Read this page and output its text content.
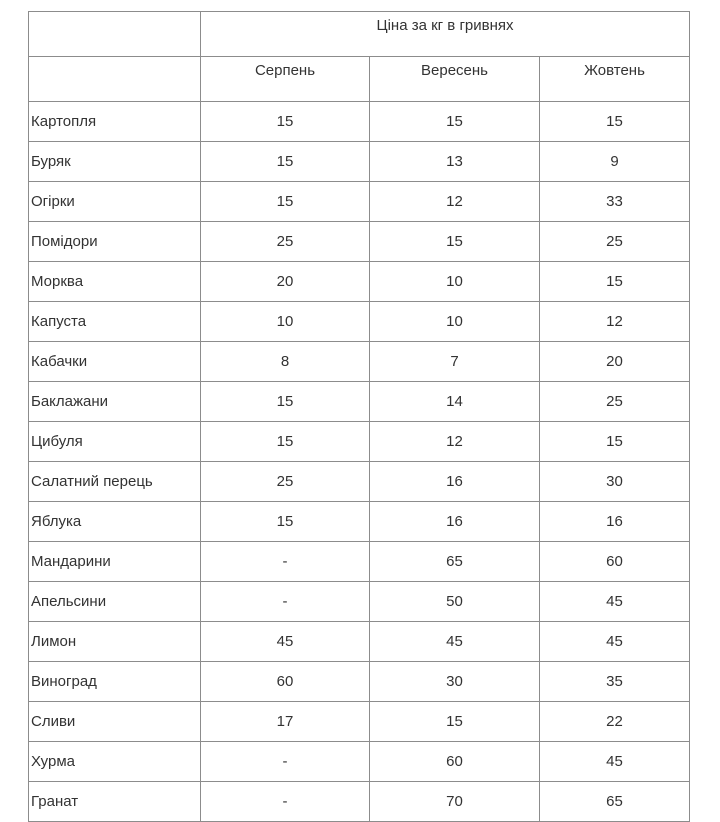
	Ціна за кг в гривнях		
	Серпень	Вересень	Жовтень
Картопля	15	15	15
Буряк	15	13	9
Огірки	15	12	33
Помідори	25	15	25
Морква	20	10	15
Капуста	10	10	12
Кабачки	8	7	20
Баклажани	15	14	25
Цибуля	15	12	15
Салатний перець	25	16	30
Яблука	15	16	16
Мандарини	-	65	60
Апельсини	-	50	45
Лимон	45	45	45
Виноград	60	30	35
Сливи	17	15	22
Хурма	-	60	45
Гранат	-	70	65
